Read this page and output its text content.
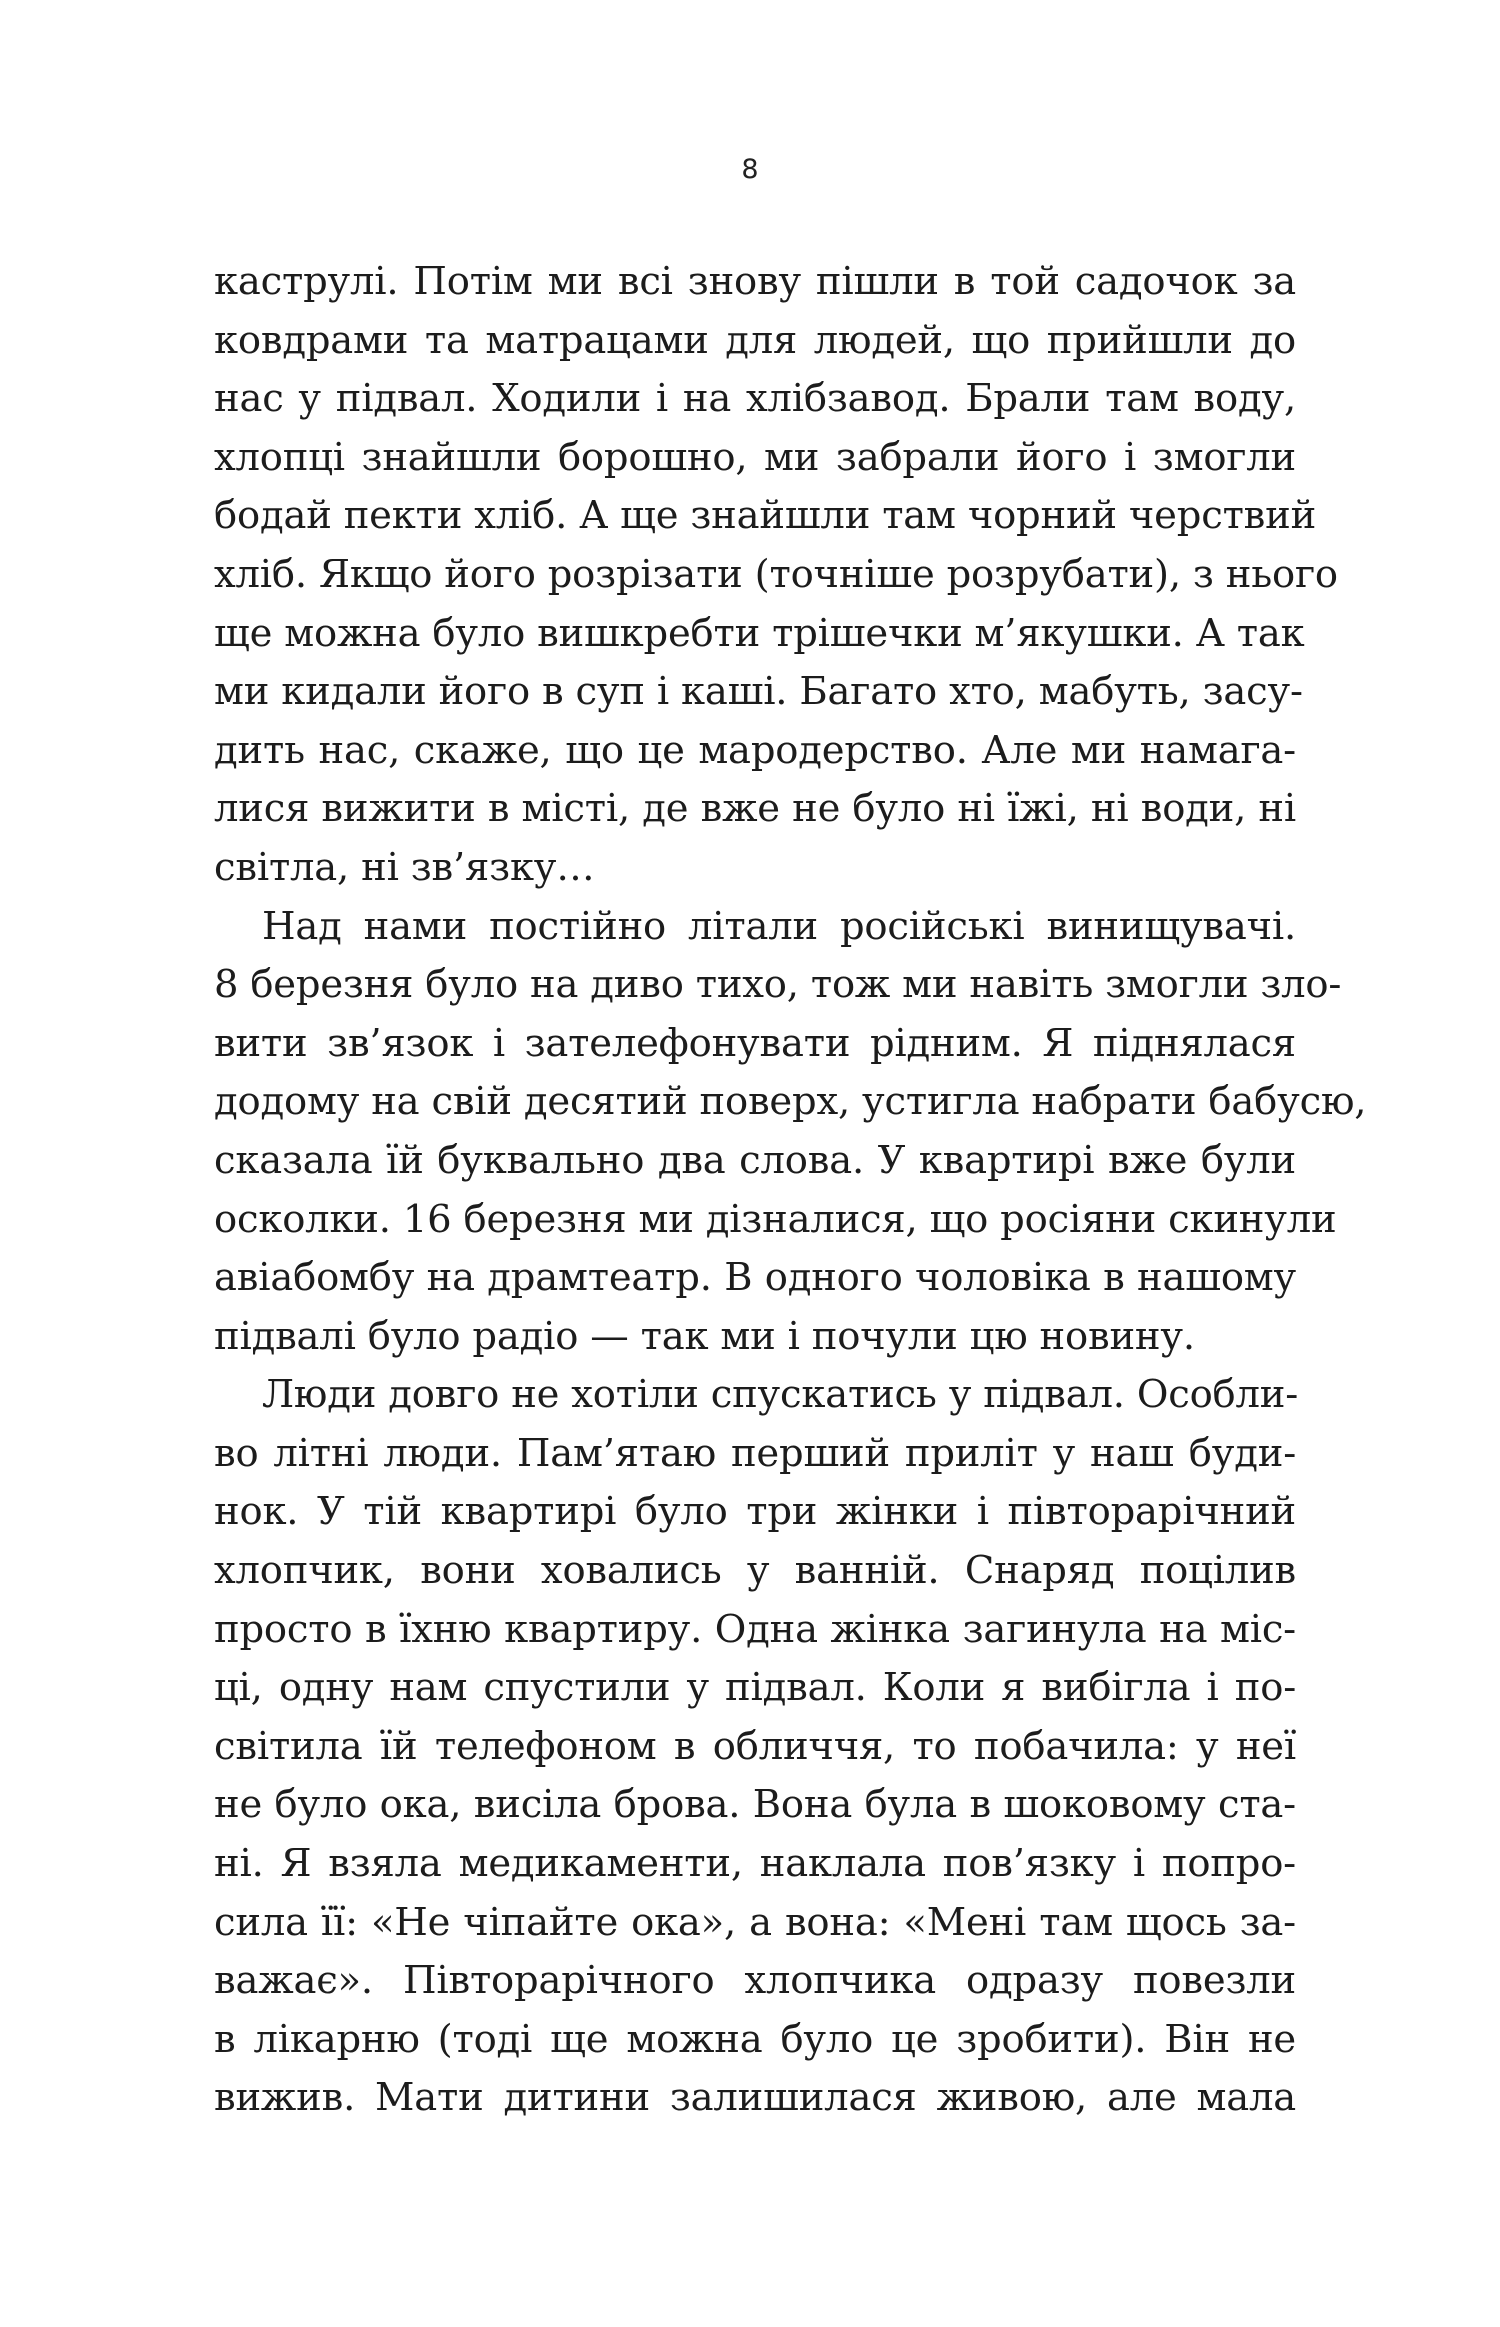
8
каструлі. Потім ми всі знову пішли в той садочок за
ковдрами та матрацами для людей, що прийшли до
нас у підвал. Ходили і на хлібзавод. Брали там воду,
хлопці знайшли борошно, ми забрали його і змогли
бодай пекти хліб. А ще знайшли там чорний черствий
хліб. Якщо його розрізати (точніше розрубати), з нього
ще можна було вишкребти трішечки м’якушки. А так
ми кидали його в суп і каші. Багато хто, мабуть, засу-
дить нас, скаже, що це мародерство. Але ми намага-
лися вижити в місті, де вже не було ні їжі, ні води, ні
світла, ні зв’язку…
Над нами постійно літали російські винищувачі.
8 березня було на диво тихо, тож ми навіть змогли зло-
вити зв’язок і зателефонувати рідним. Я піднялася
додому на свій десятий поверх, устигла набрати бабусю,
сказала їй буквально два слова. У квартирі вже були
осколки. 16 березня ми дізналися, що росіяни скинули
авіабомбу на драмтеатр. В одного чоловіка в нашому
підвалі було радіо — так ми і почули цю новину.
Люди довго не хотіли спускатись у підвал. Особли-
во літні люди. Пам’ятаю перший приліт у наш буди-
нок. У тій квартирі було три жінки і півторарічний
хлопчик, вони ховались у ванній. Снаряд поцілив
просто в їхню квартиру. Одна жінка загинула на міс-
ці, одну нам спустили у підвал. Коли я вибігла і по-
світила їй телефоном в обличчя, то побачила: у неї
не було ока, висіла брова. Вона була в шоковому ста-
ні. Я взяла медикаменти, наклала пов’язку і попро-
сила її: «Не чіпайте ока», а вона: «Мені там щось за-
важає». Півторарічного хлопчика одразу повезли
в лікарню (тоді ще можна було це зробити). Він не
вижив. Мати дитини залишилася живою, але мала
